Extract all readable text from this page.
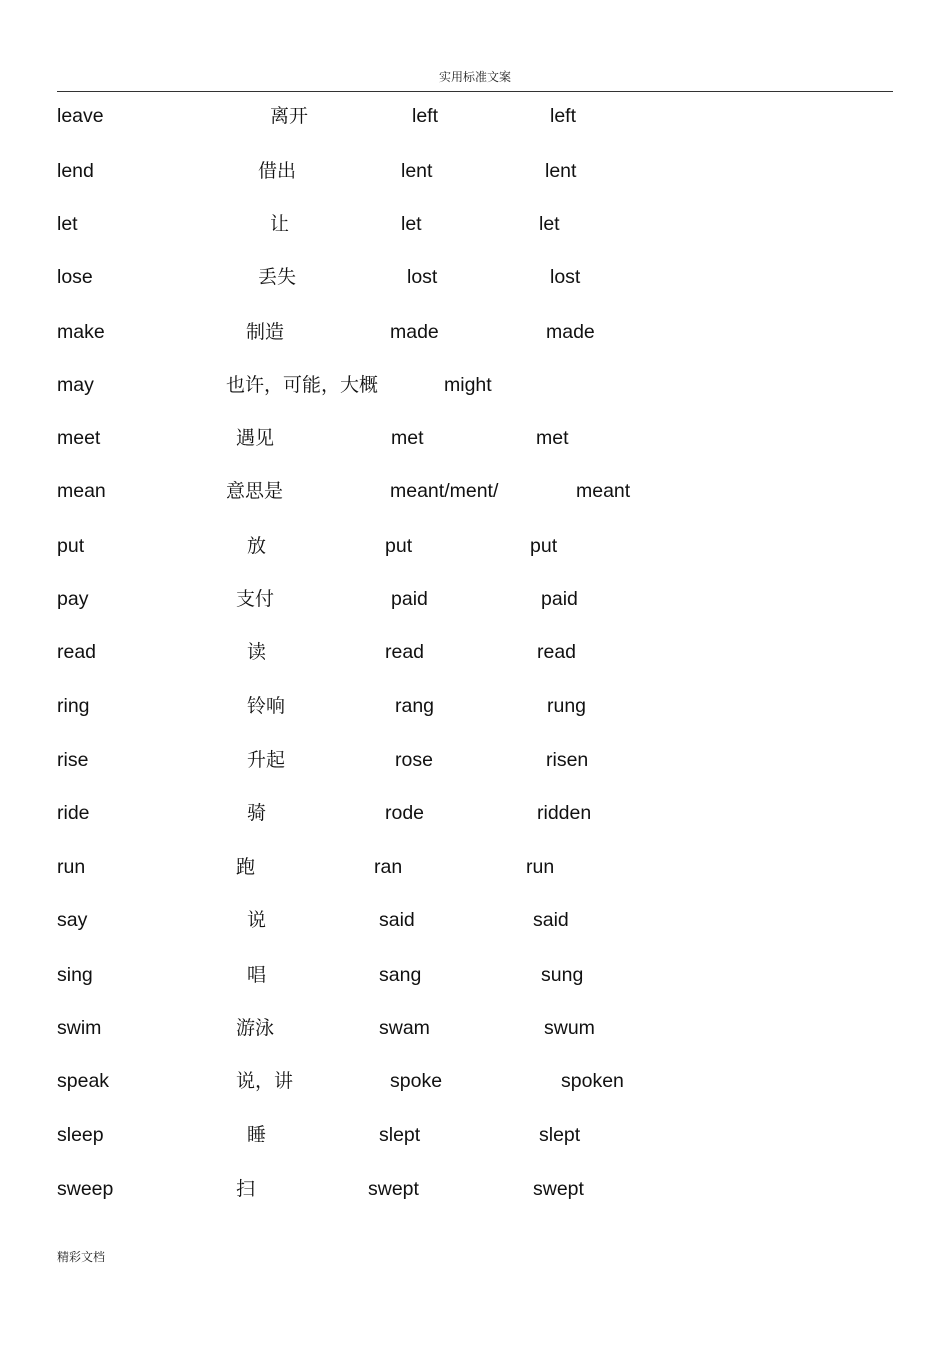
实用标准文案
leave	离开	left	left
lend	借出	lent	lent
let	让	let	let
lose	丢失	lost	lost
make	制造	made	made
may	也许，可能，大概	might
meet	遇见	met	met
mean	意思是	meant/ment/	meant
put	放	put	put
pay	支付	paid	paid
read	读	read	read
ring	铃响	rang	rung
rise	升起	rose	risen
ride	骑	rode	ridden
run	跑	ran	run
say	说	said	said
sing	唱	sang	sung
swim	游泳	swam	swum
speak	说，讲	spoke	spoken
sleep	睡	slept	slept
sweep	扫	swept	swept
精彩文档
